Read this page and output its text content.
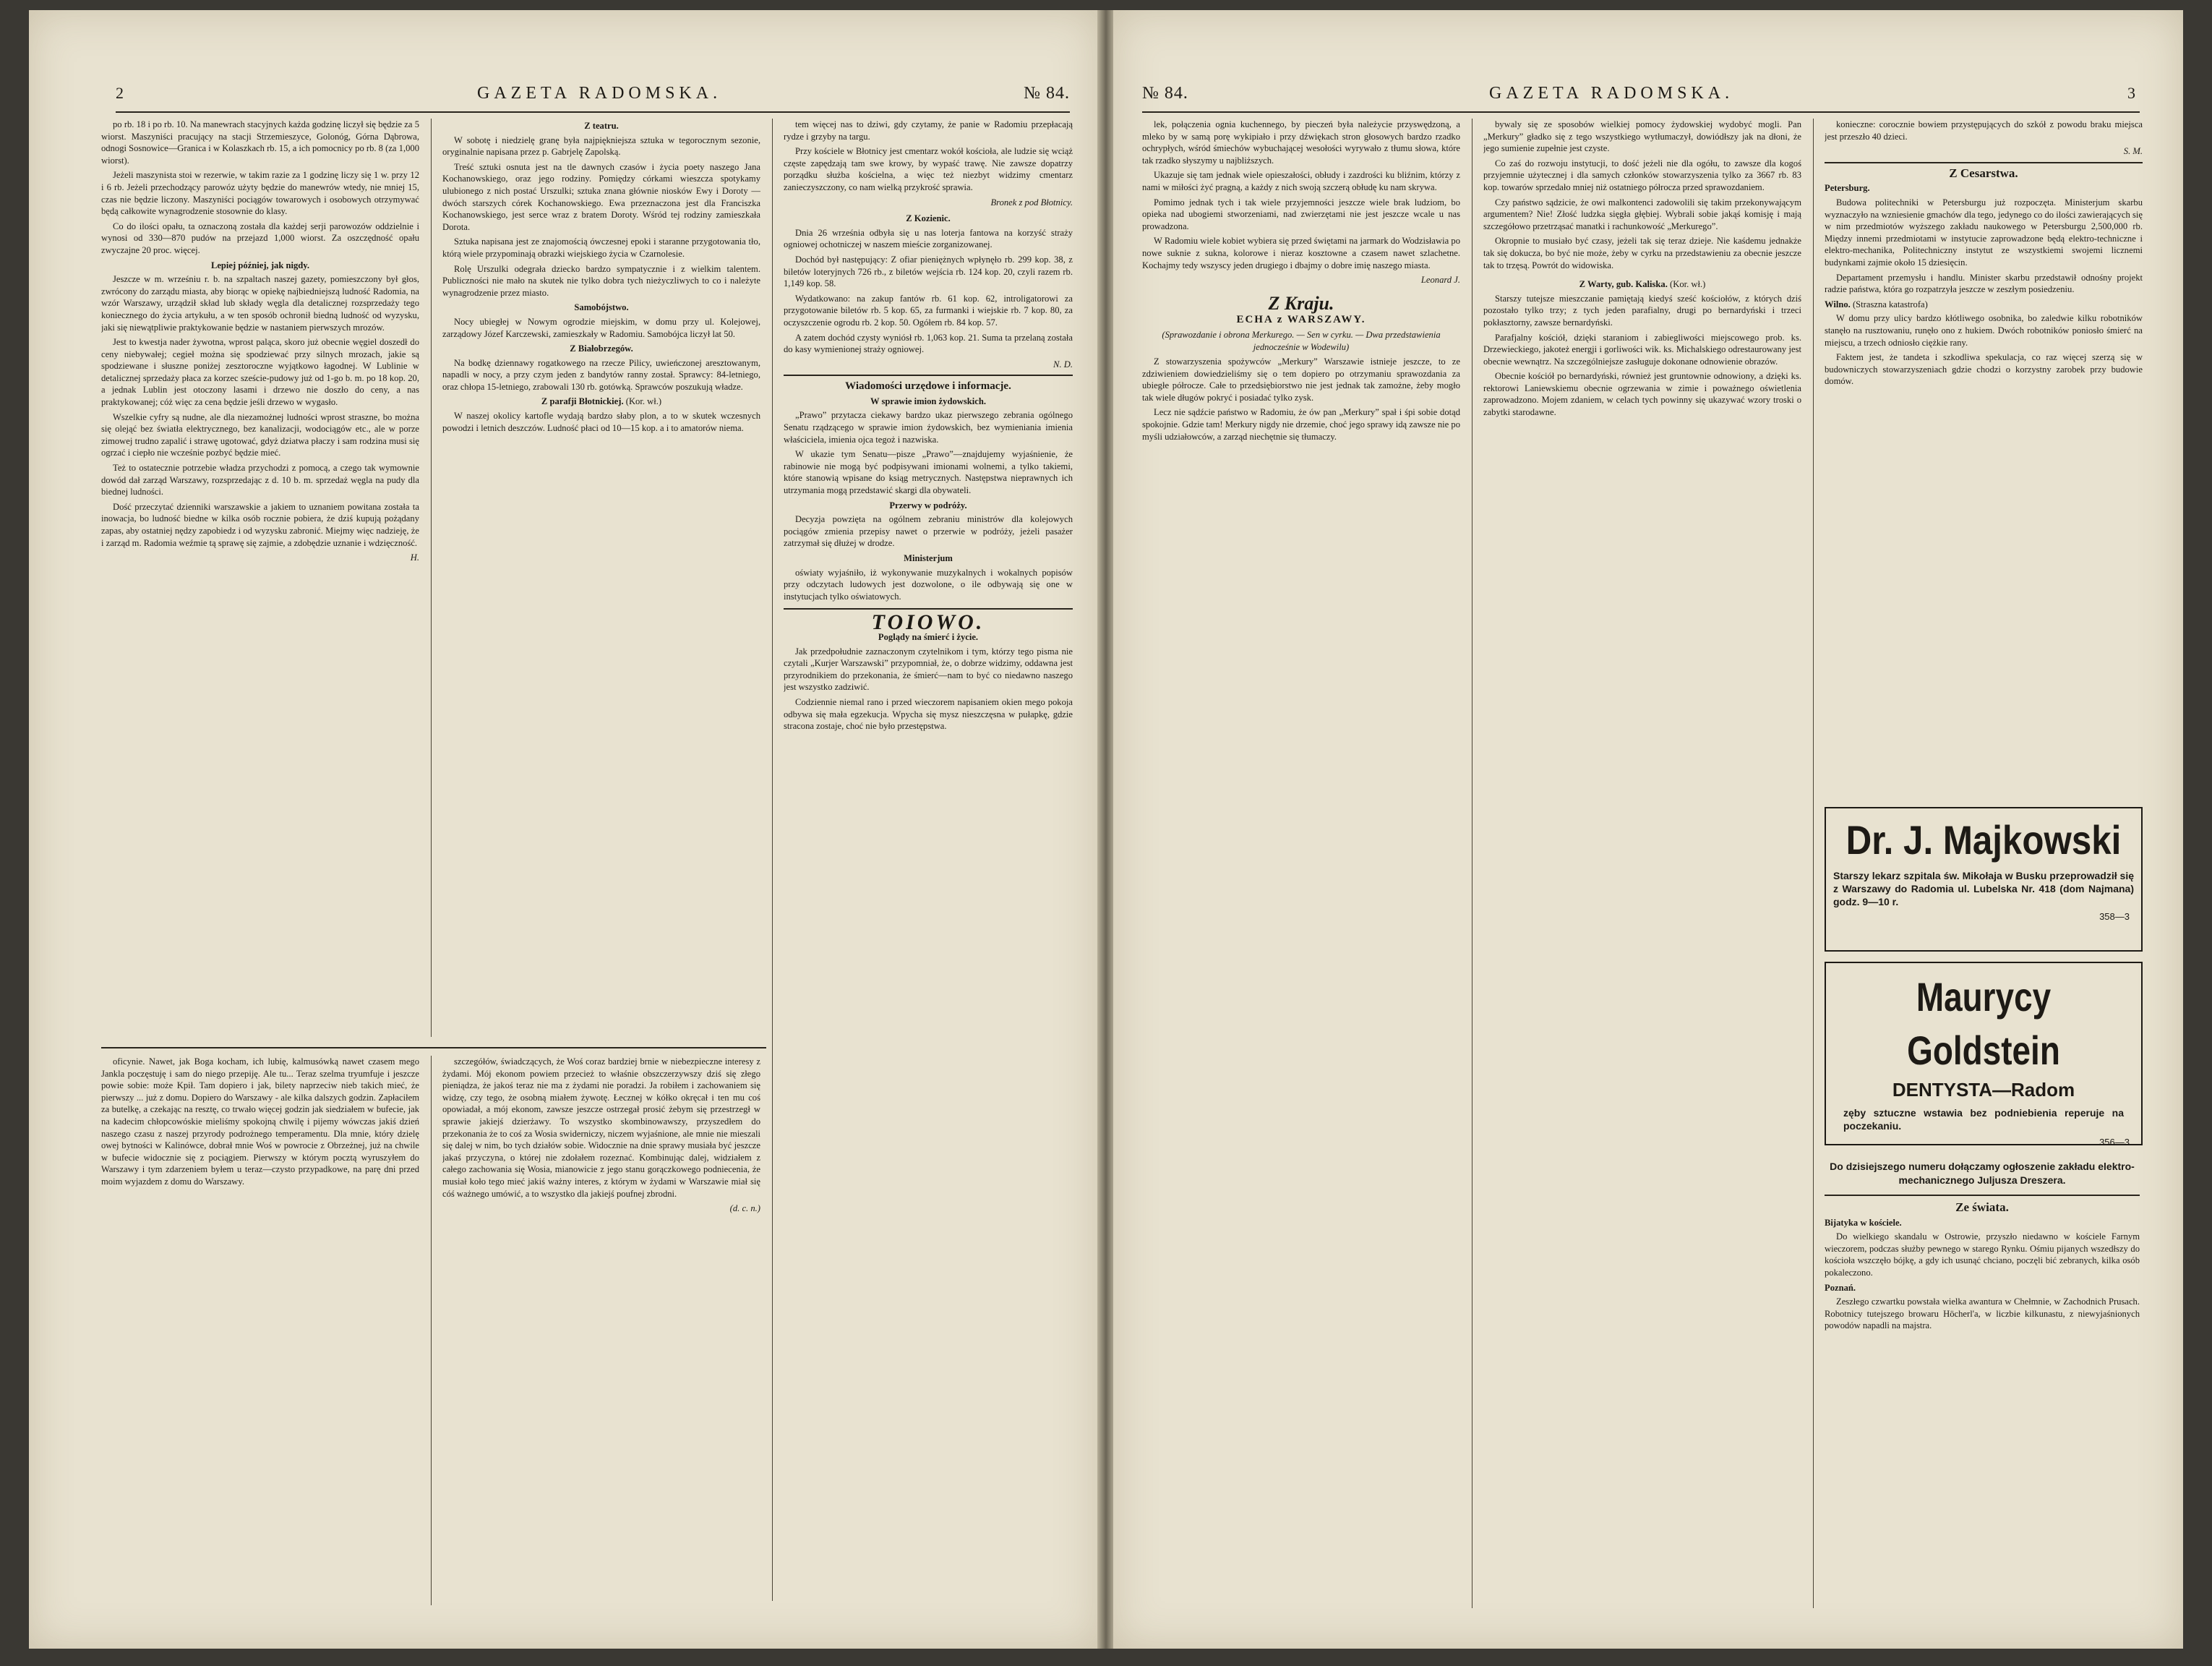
2	GAZETA RADOMSKA.	№ 84.

po rb. 18 i po rb. 10. Na manewrach stacyjnych każda godzinę liczył się będzie za 5 wiorst. Maszyniści pracujący na stacji Strzemieszyce, Golonóg, Górna Dąbrowa, odnogi Sosnowice—Granica i w Kolaszkach rb. 15, a ich pomocnicy po rb. 8 (za 1,000 wiorst).

Jeżeli maszynista stoi w rezerwie, w takim razie za 1 godzinę liczy się 1 w. przy 12 i 6 rb. Jeżeli przechodzący parowóz użyty będzie do manewrów wtedy, nie mniej 15, czas nie będzie liczony. Maszyniści pociągów towarowych i osobowych otrzymywać będą całkowite wynagrodzenie stosownie do klasy.

Co do ilości opału, ta oznaczoną została dla każdej serji parowozów oddzielnie i wynosi od 330—870 pudów na przejazd 1,000 wiorst. Za oszczędność opału zwyczajne 20 proc. więcej.

Lepiej później, jak nigdy.

Jeszcze w m. wrześniu r. b. na szpaltach naszej gazety, pomieszczony był głos, zwrócony do zarządu miasta, aby biorąc w opiekę najbiedniejszą ludność Radomia, na wzór Warszawy, urządził skład lub składy węgla dla detalicznej rozsprzedaży tego koniecznego do życia artykułu, a w ten sposób ochronił biedną ludność od wyzysku, jaki się niewątpliwie praktykowanie będzie w nastaniem pierwszych mrozów.

Jest to kwestja nader żywotna, wprost paląca, skoro już obecnie węgiel doszedł do ceny niebywałej; cegieł można się spodziewać przy silnych mrozach, jakie są spodziewane i słuszne poniżej zesztoroczne wyjątkowo łagodnej. W Lublinie w detalicznej sprzedaży płaca za korzec szeście-pudowy już od 1-go b. m. po 18 kop. 20, a jednak Lublin jest otoczony lasami i drzewo nie doszło do ceny, a nas praktykowanej; cóż więc za cena będzie jeśli drzewo w wygasło.

Wszelkie cyfry są nudne, ale dla niezamożnej ludności wprost straszne, bo można się olejąć bez światła elektrycznego, bez kanalizacji, wodociągów etc., ale w porze zimowej trudno zapalić i strawę ugotować, gdyż dziatwa płaczy i sam rodzina musi się ogrzać i ciepło nie wcześnie pozbyć będzie mieć.

Też to ostatecznie potrzebie władza przychodzi z pomocą, a czego tak wymownie dowód dał zarząd Warszawy, rozsprzedając z d. 10 b. m. sprzedaż węgla na pudy dla biednej ludności.

Dość przeczytać dzienniki warszawskie a jakiem to uznaniem powitana została ta inowacja, bo ludność biedne w kilka osób rocznie pobiera, że dziś kupują pożądany zapas, aby ostatniej nędzy zapobiedz i od wyzysku zabronić. Miejmy więc nadzieję, że i zarząd m. Radomia weźmie tą sprawę się zajmie, a zdobędzie uznanie i wdzięczność.

H.
Z teatru.

W sobotę i niedzielę granę była najpiękniejsza sztuka w tegorocznym sezonie, oryginalnie napisana przez p. Gabrjelę Zapolską.

Treść sztuki osnuta jest na tle dawnych czasów i życia poety naszego Jana Kochanowskiego, oraz jego rodziny. Pomiędzy córkami wieszcza spotykamy ulubionego z nich postać Urszulki; sztuka znana głównie niosków Ewy i Doroty — dwóch starszych córek Kochanowskiego. Ewa przeznaczona jest dla Franciszka Kochanowskiego, jest serce wraz z bratem Doroty. Wśród tej rodziny zamieszkała Dorota.

Sztuka napisana jest ze znajomością ówczesnej epoki i staranne przygotowania tło, którą wiele przypominają obrazki wiejskiego życia w Czarnolesie.

Rolę Urszulki odegrała dziecko bardzo sympatycznie i z wielkim talentem. Publiczności nie mało na skutek nie tylko dobra tych nieżyczliwych to co i należyte wynagrodzenie przez miasto.

Samobójstwo.

Nocy ubiegłej w Nowym ogrodzie miejskim, w domu przy ul. Kolejowej, zarządowy Józef Karczewski, zamieszkały w Radomiu. Samobójca liczył lat 50.

Z Białobrzegów.

Na bodkę dziennawy rogatkowego na rzecze Pilicy, uwieńczonej aresztowanym, napadli w nocy, a przy czym jeden z bandytów ranny został. Sprawcy: 84-letniego, oraz chłopa 15-letniego, zrabowali 130 rb. gotówką. Sprawców poszukują władze.

Z parafji Błotnickiej. (Kor. wł.)

W naszej okolicy kartofle wydają bardzo słaby plon, a to w skutek wczesnych powodzi i letnich deszczów. Ludność płaci od 10—15 kop. a i to amatorów niema.

tem więcej nas to dziwi, gdy czytamy, że panie w Radomiu przepłacają rydze i grzyby na targu.

Przy kościele w Błotnicy jest cmentarz wokół kościoła, ale ludzie się wciąż częste zapędzają tam swe krowy, by wypaść trawę. Nie zawsze dopatrzy porządku służba kościelna, a więc też niezbyt widzimy cmentarz zanieczyszczony, co nam wielką przykrość sprawia.

Bronek z pod Błotnicy.
Z Kozienic.

Dnia 26 września odbyła się u nas loterja fantowa na korzyść straży ogniowej ochotniczej w naszem mieście zorganizowanej.

Dochód był następujący: Z ofiar pieniężnych wpłynęło rb. 299 kop. 38, z biletów loteryjnych 726 rb., z biletów wejścia rb. 124 kop. 20, czyli razem rb. 1,149 kop. 58.

Wydatkowano: na zakup fantów rb. 61 kop. 62, introligatorowi za przygotowanie biletów rb. 5 kop. 65, za furmanki i wiejskie rb. 7 kop. 80, za oczyszczenie ogrodu rb. 2 kop. 50. Ogółem rb. 84 kop. 57.

A zatem dochód czysty wyniósł rb. 1,063 kop. 21. Suma ta przelaną została do kasy wymienionej straży ogniowej.

N. D.
Wiadomości urzędowe i informacje.
W sprawie imion żydowskich.

„Prawo” przytacza ciekawy bardzo ukaz pierwszego zebrania ogólnego Senatu rządzącego w sprawie imion żydowskich, bez wymieniania imienia właściciela, imienia ojca tegoż i nazwiska.

W ukazie tym Senatu—pisze „Prawo”—znajdujemy wyjaśnienie, że rabinowie nie mogą być podpisywani imionami wolnemi, a tylko takiemi, które stanowią wpisane do ksiąg metrycznych. Następstwa nieprawnych ich utrzymania mogą przedstawić skargi dla obywateli.

Przerwy w podróży.

Decyzja powzięta na ogólnem zebraniu ministrów dla kolejowych pociągów zmienia przepisy nawet o przerwie w podróży, jeżeli pasażer zatrzymał się dłużej w drodze.

Ministerjum

oświaty wyjaśniło, iż wykonywanie muzykalnych i wokalnych popisów przy odczytach ludowych jest dozwolone, o ile odbywają się one w instytucjach tylko oświatowych.

TOIOWO.
Poglądy na śmierć i życie.

Jak przedpołudnie zaznaczonym czytelnikom i tym, którzy tego pisma nie czytali „Kurjer Warszawski” przypomniał, że, o dobrze widzimy, oddawna jest przyrodnikiem do przekonania, że śmierć—nam to być co niedawno naszego jest wszystko zadziwić.

Codziennie niemal rano i przed wieczorem napisaniem okien mego pokoja odbywa się mała egzekucja. Wpycha się mysz nieszczęsna w pułapkę, gdzie stracona zostaje, choć nie było przestępstwa.

oficynie. Nawet, jak Boga kocham, ich lubię, kalmusówką nawet czasem mego Jankla poczęstuję i sam do niego przepiję. Ale tu... Teraz szelma tryumfuje i jeszcze powie sobie: może Kpił. Tam dopiero i jak, bilety naprzeciw nieb takich mieć, że pierwszy ... już z domu. Dopiero do Warszawy - ale kilka dalszych godzin. Zapłaciłem za butelkę, a czekając na resztę, co trwało więcej godzin jak siedziałem w bufecie, jak na kadecim chłopcowóskie mieliśmy spokojną chwilę i pijemy wówczas jakiś dzień naszego czasu z naszej przyrody podrożnego temperamentu. Dla mnie, który dzielę owej bytności w Kalinówce, dobrał mnie Woś w powrocie z Obrzeżnej, już na chwile w bufecie widocznie się z pociągiem. Pierwszy w którym pocztą wyruszyłem do Warszawy i tym zdarzeniem byłem u teraz—czysto przypadkowe, na parę dni przed moim wyjazdem z domu do Warszawy.

szczegółów, świadczących, że Woś coraz bardziej brnie w niebezpieczne interesy z żydami. Mój ekonom powiem przecież to właśnie obszczerzywszy dziś się złego pieniądza, że jakoś teraz nie ma z żydami nie poradzi. Ja robiłem i zachowaniem się widzę, czy tego, że osobną miałem żywotę. Łecznej w kółko okręcał i ten mu coś opowiadał, a mój ekonom, zawsze jeszcze ostrzegał prosić żebym się przestrzegł w sprawie jakiejś dzierżawy. To wszystko skombinowawszy, przyszedłem do przekonania że to coś za Wosia swiderniczy, niczem wyjaśnione, ale mnie nie mieszali się dalej w nim, bo tych działów sobie. Widocznie na dnie sprawy musiała być jeszcze jakaś przyczyna, o której nie zdołałem rozeznać. Kombinując dalej, widziałem z całego zachowania się Wosia, mianowicie z jego stanu gorączkowego podniecenia, że musiał koło tego mieć jakiś ważny interes, z którym w żydami w Warszawie miał się cóś ważnego umówić, a to wszystko dla jakiejś poufnej zbrodni.

(d. c. n.)
№ 84.	GAZETA RADOMSKA.	3

lek, połączenia ognia kuchennego, by pieczeń była należycie przyswędzoną, a mleko by w samą porę wykipiało i przy dźwiękach stron głosowych bardzo rzadko ochrypłych, wśród śmiechów wybuchającej wesołości wyrywało z tłumu słowa, które tak rzadko słyszymy u najbliższych.

Ukazuje się tam jednak wiele opieszałości, obłudy i zazdrości ku bliźnim, którzy z nami w miłości żyć pragną, a każdy z nich swoją szczerą obłudę ku nam skrywa.

Pomimo jednak tych i tak wiele przyjemności jeszcze wiele brak ludziom, bo opieka nad ubogiemi stworzeniami, nad zwierzętami nie jest jeszcze wcale u nas prowadzona.

W Radomiu wiele kobiet wybiera się przed świętami na jarmark do Wodzisławia po nowe suknie z sukna, kolorowe i nieraz kosztowne a czasem nawet szlachetne. Kochajmy tedy wszyscy jeden drugiego i dbajmy o dobre imię naszego miasta.

Leonard J.
Z Kraju.
ECHA z WARSZAWY.

(Sprawozdanie i obrona Merkurego. — Sen w cyrku. — Dwa przedstawienia jednocześnie w Wodewilu)

Z stowarzyszenia spożywców „Merkury” Warszawie istnieje jeszcze, to ze zdziwieniem dowiedzieliśmy się o tem dopiero po otrzymaniu sprawozdania za ubiegłe półrocze. Całe to przedsiębiorstwo nie jest jednak tak zamożne, żeby mogło tak wiele długów pokryć i posiadać tylko zysk.

Lecz nie sądźcie państwo w Radomiu, że ów pan „Merkury” spał i śpi sobie dotąd spokojnie. Gdzie tam! Merkury nigdy nie drzemie, choć jego sprawy idą zawsze nie po myśli udziałowców, a zarząd niechętnie się tłumaczy.

bywaly się ze sposobów wielkiej pomocy żydowskiej wydobyć mogli. Pan „Merkury” gładko się z tego wszystkiego wytłumaczył, dowiódłszy jak na dłoni, że jego sumienie zupełnie jest czyste.

Co zaś do rozwoju instytucji, to dość jeżeli nie dla ogółu, to zawsze dla kogoś przyjemnie użytecznej i dla samych członków stowarzyszenia tylko za 3667 rb. 83 kop. towarów sprzedało mniej niż ostatniego półrocza przed sprawozdaniem.

Czy państwo sądzicie, że owi malkontenci zadowolili się takim przekonywającym argumentem? Nie! Złość ludzka sięgła głębiej. Wybrali sobie jakąś komisję i mają szczegółowo przetrząsać manatki i rachunkowość „Merkurego”.

Okropnie to musiało być czasy, jeżeli tak się teraz dzieje. Nie kaśdemu jednakże tak się dokucza, bo być nie może, żeby w cyrku na przedstawieniu za obecnie jeszcze tak to trzęsą. Powrót do widowiska.

Z Warty, gub. Kaliska. (Kor. wł.)

Starszy tutejsze mieszczanie pamiętają kiedyś sześć kościołów, z których dziś pozostało tylko trzy; z tych jeden parafialny, drugi po bernardyński i trzeci pokłasztorny, zawsze bernardyński.

Parafjalny kościół, dzięki staraniom i zabiegliwości miejscowego prob. ks. Drzewieckiego, jakoteż energji i gorliwości wik. ks. Michalskiego odrestaurowany jest obecnie wewnątrz. Na szczególniejsze zasługuje dokonane odnowienie obrazów.

Obecnie kościół po bernardyński, również jest gruntownie odnowiony, a dzięki ks. rektorowi Laniewskiemu obecnie ogrzewania w zimie i poważnego oświetlenia zaprowadzono. Mojem zdaniem, w celach tych powinny się ukazywać wzory troski o zabytki starodawne.

konieczne: corocznie bowiem przystępujących do szkół z powodu braku miejsca jest przeszło 40 dzieci.

S. M.
Z Cesarstwa.
Petersburg.

Budowa politechniki w Petersburgu już rozpoczęta. Ministerjum skarbu wyznaczyło na wzniesienie gmachów dla tego, jedynego co do ilości zawierających się w nim przedmiotów wyższego zakładu naukowego w Petersburgu 2,500,000 rb. Między innemi przedmiotami w instytucie zaprowadzone będą elektro-techniczne i elektro-mechanika, Politechniczny instytut ze wszystkiemi swojemi licznemi budynkami zajmie około 15 dziesięcin.

Departament przemysłu i handlu. Minister skarbu przedstawił odnośny projekt radzie państwa, która go rozpatrzyła jeszcze w zeszłym posiedzeniu.

Wilno. (Straszna katastrofa)

W domu przy ulicy bardzo kłótliwego osobnika, bo zaledwie kilku robotników stanęło na rusztowaniu, runęło ono z hukiem. Dwóch robotników poniosło śmierć na miejscu, a trzech odniosło ciężkie rany.

Faktem jest, że tandeta i szkodliwa spekulacja, co raz więcej szerzą się w budowniczych stowarzyszeniach gdzie chodzi o korzystny zarobek przy budowie domów.

Dr. J. Majkowski
Starszy lekarz szpitala św. Mikołaja w Busku przeprowadził się z Warszawy do Radomia ul. Lubelska Nr. 418 (dom Najmana) godz. 9—10 r.
358—3
Maurycy Goldstein
DENTYSTA—Radom
zęby sztuczne wstawia bez podniebienia reperuje na poczekaniu.
356—3

Do dzisiejszego numeru dołączamy ogłoszenie zakładu elektro-mechanicznego Juljusza Dreszera.

Ze świata.
Bijatyka w kościele.

Do wielkiego skandalu w Ostrowie, przyszło niedawno w kościele Farnym wieczorem, podczas służby pewnego w starego Rynku. Ośmiu pijanych wszedłszy do kościoła wszczęło bójkę, a gdy ich usunąć chciano, poczęli bić zebranych, kilka osób pokaleczono.

Poznań.

Zeszłego czwartku powstała wielka awantura w Chełmnie, w Zachodnich Prusach. Robotnicy tutejszego browaru Höcherl'a, w liczbie kilkunastu, z niewyjaśnionych powodów napadli na majstra.
